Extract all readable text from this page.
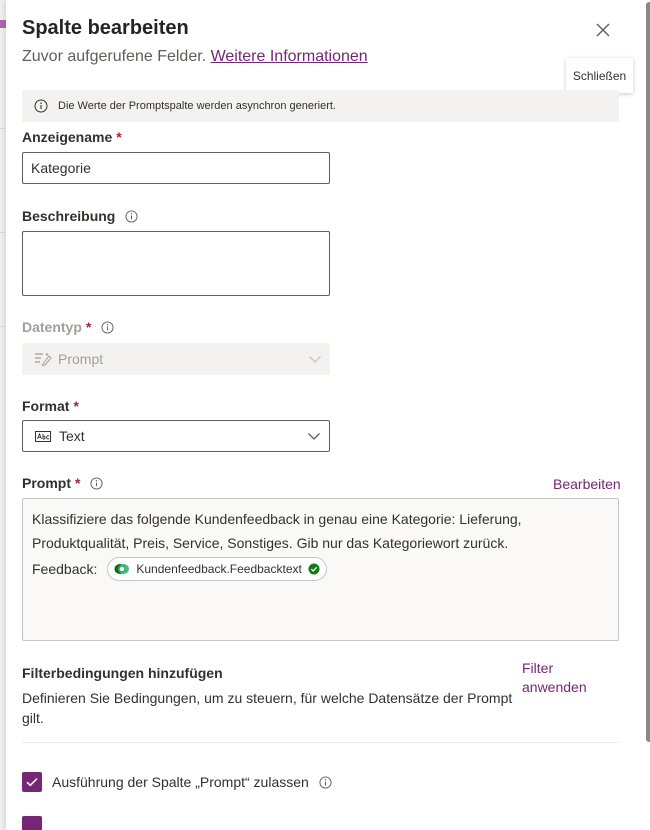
Spalte bearbeiten
Zuvor aufgerufene Felder. Weitere Informationen
Schließen
Die Werte der Promptspalte werden asynchron generiert.
Anzeigename *
Kategorie
Beschreibung
Datentyp *
Prompt
Format *
Text
Prompt *	Bearbeiten
Klassifiziere das folgende Kundenfeedback in genau eine Kategorie: Lieferung,
Produktqualität, Preis, Service, Sonstiges. Gib nur das Kategoriewort zurück.
Feedback:	Kundenfeedback.Feedbacktext
Filterbedingungen hinzufügen
Definieren Sie Bedingungen, um zu steuern, für welche Datensätze der Prompt gilt.
Filter anwenden
Ausführung der Spalte „Prompt“ zulassen
